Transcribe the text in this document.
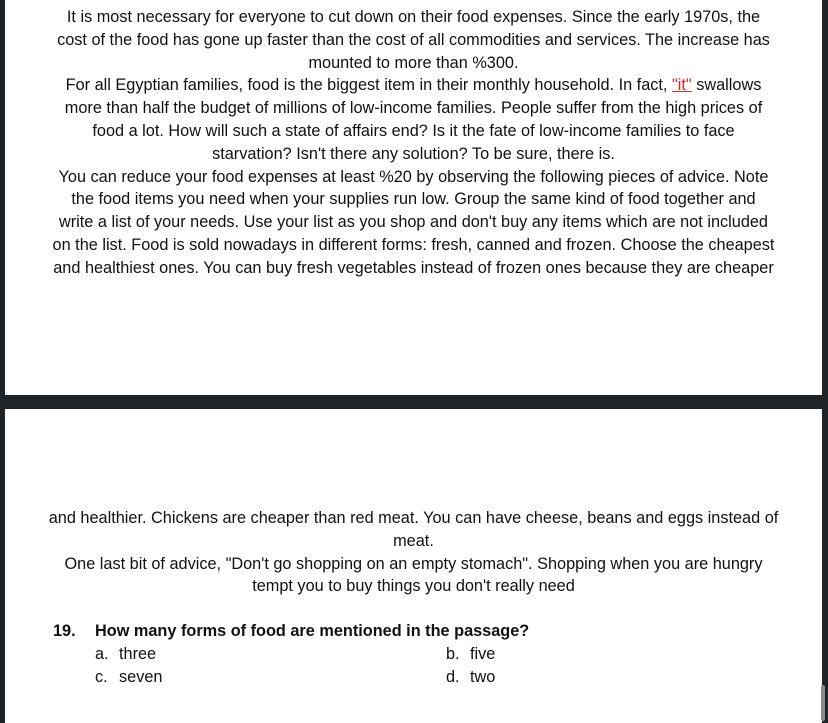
It is most necessary for everyone to cut down on their food expenses. Since the early 1970s, the
cost of the food has gone up faster than the cost of all commodities and services. The increase has
mounted to more than %300.

For all Egyptian families, food is the biggest item in their monthly household. In fact, "it" swallows
more than half the budget of millions of low-income families. People suffer from the high prices of
food a lot. How will such a state of affairs end? Is it the fate of low-income families to face
starvation? Isn't there any solution? To be sure, there is.

You can reduce your food expenses at least %20 by observing the following pieces of advice. Note
the food items you need when your supplies run low. Group the same kind of food together and
write a list of your needs. Use your list as you shop and don't buy any items which are not included
on the list. Food is sold nowadays in different forms: fresh, canned and frozen. Choose the cheapest
and healthiest ones. You can buy fresh vegetables instead of frozen ones because they are cheaper

and healthier. Chickens are cheaper than red meat. You can have cheese, beans and eggs instead of
meat.

One last bit of advice, "Don't go shopping on an empty stomach". Shopping when you are hungry
tempt you to buy things you don't really need

19. How many forms of food are mentioned in the passage?
a. three	b. five
c. seven	d. two
